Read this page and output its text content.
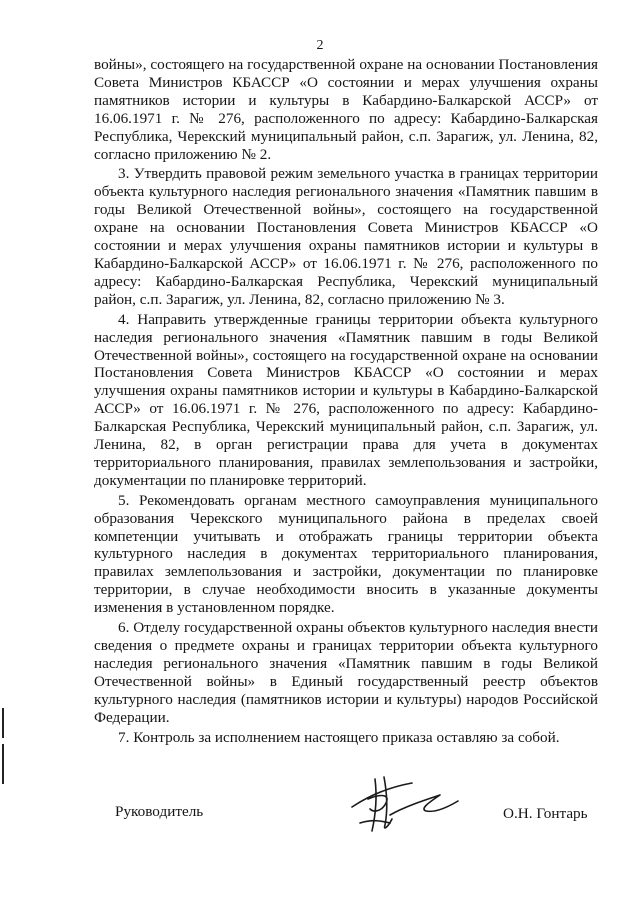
2

войны», состоящего на государственной охране на основании Постановления Совета Министров КБАССР «О состоянии и мерах улучшения охраны памятников истории и культуры в Кабардино-Балкарской АССР» от 16.06.1971 г. № 276, расположенного по адресу: Кабардино-Балкарская Республика, Черекский муниципальный район, с.п. Зарагиж, ул. Ленина, 82, согласно приложению № 2.

3. Утвердить правовой режим земельного участка в границах территории объекта культурного наследия регионального значения «Памятник павшим в годы Великой Отечественной войны», состоящего на государственной охране на основании Постановления Совета Министров КБАССР «О состоянии и мерах улучшения охраны памятников истории и культуры в Кабардино-Балкарской АССР» от 16.06.1971 г. № 276, расположенного по адресу: Кабардино-Балкарская Республика, Черекский муниципальный район, с.п. Зарагиж, ул. Ленина, 82, согласно приложению № 3.

4. Направить утвержденные границы территории объекта культурного наследия регионального значения «Памятник павшим в годы Великой Отечественной войны», состоящего на государственной охране на основании Постановления Совета Министров КБАССР «О состоянии и мерах улучшения охраны памятников истории и культуры в Кабардино-Балкарской АССР» от 16.06.1971 г. № 276, расположенного по адресу: Кабардино-Балкарская Республика, Черекский муниципальный район, с.п. Зарагиж, ул. Ленина, 82, в орган регистрации права для учета в документах территориального планирования, правилах землепользования и застройки, документации по планировке территорий.

5. Рекомендовать органам местного самоуправления муниципального образования Черекского муниципального района в пределах своей компетенции учитывать и отображать границы территории объекта культурного наследия в документах территориального планирования, правилах землепользования и застройки, документации по планировке территории, в случае необходимости вносить в указанные документы изменения в установленном порядке.

6. Отделу государственной охраны объектов культурного наследия внести сведения о предмете охраны и границах территории объекта культурного наследия регионального значения «Памятник павшим в годы Великой Отечественной войны» в Единый государственный реестр объектов культурного наследия (памятников истории и культуры) народов Российской Федерации.

7. Контроль за исполнением настоящего приказа оставляю за собой.

Руководитель	О.Н. Гонтарь
